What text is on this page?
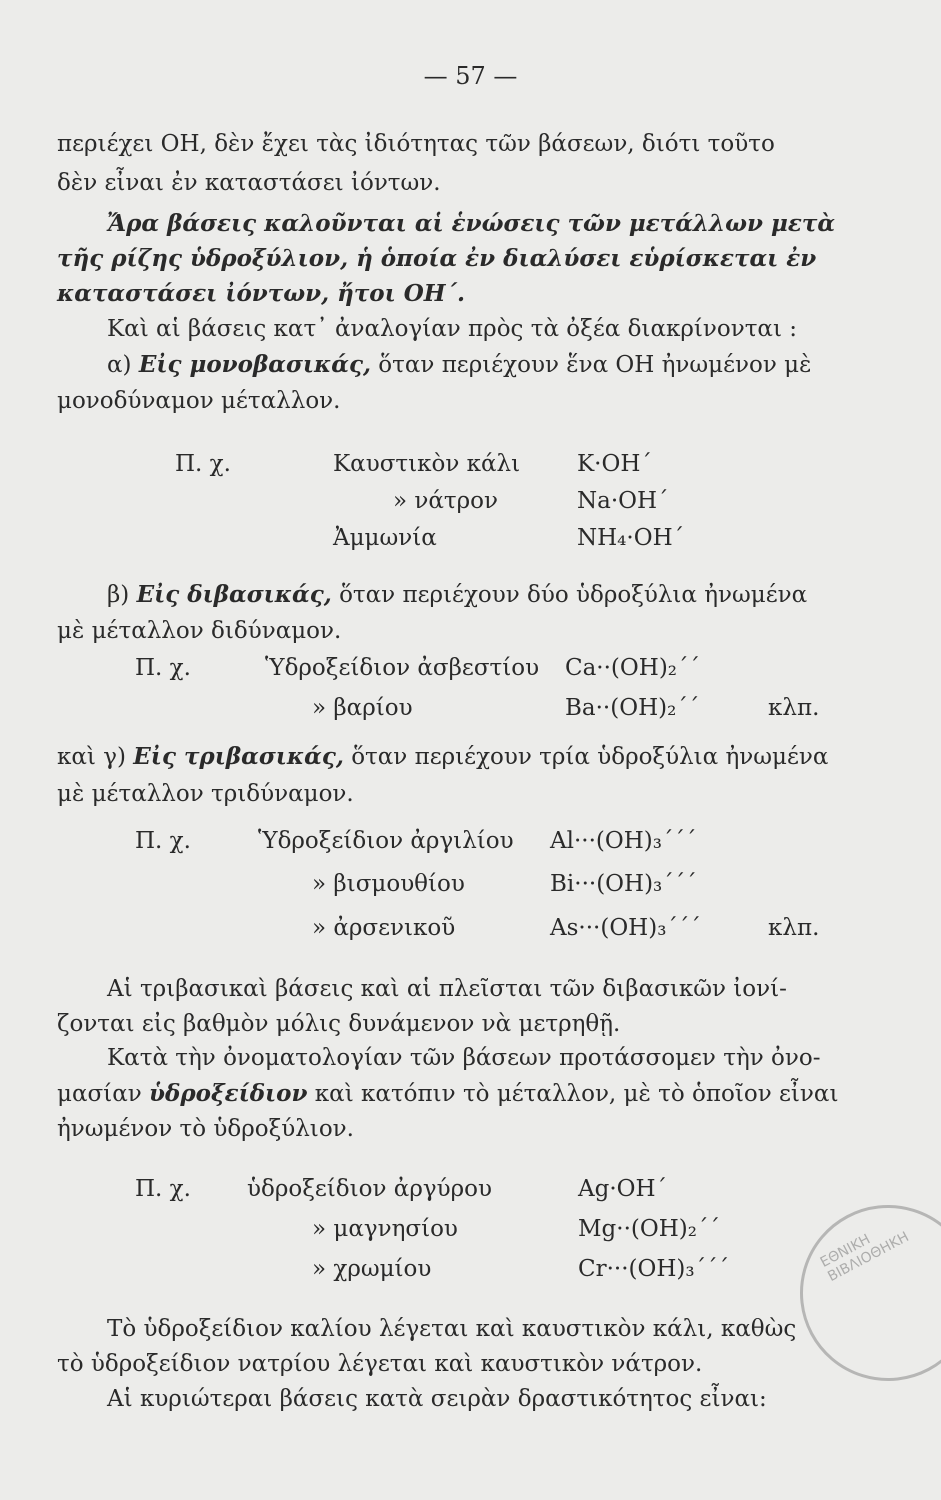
— 57 —
περιέχει OH, δὲν ἔχει τὰς ἰδιότητας τῶν βάσεων, διότι τοῦτο
δὲν εἶναι ἐν καταστάσει ἰόντων.
Ἄρα βάσεις καλοῦνται αἱ ἑνώσεις τῶν μετάλλων μετὰ
τῆς ρίζης ὑδροξύλιον, ἡ ὁποία ἐν διαλύσει εὑρίσκεται ἐν
καταστάσει ἰόντων, ἤτοι OH΄.
Καὶ αἱ βάσεις κατ᾽ ἀναλογίαν πρὸς τὰ ὀξέα διακρίνονται :
α) Εἰς μονοβασικάς, ὅταν περιέχουν ἕνα OH ἠνωμένον μὲ
μονοδύναμον μέταλλον.
Π. χ.	Καυστικὸν κάλι K·OH΄
» νάτρον	Na·OH΄
Ἀμμωνία	NH₄·OH΄
β) Εἰς διβασικάς, ὅταν περιέχουν δύο ὑδροξύλια ἠνωμένα
μὲ μέταλλον διδύναμον.
Π. χ.	Ὑδροξείδιον ἀσβεστίου Ca··(OH)₂΄΄
» βαρίου	Ba··(OH)₂΄΄	κλπ.
καὶ γ) Εἰς τριβασικάς, ὅταν περιέχουν τρία ὑδροξύλια ἠνωμένα
μὲ μέταλλον τριδύναμον.
Π. χ.	Ὑδροξείδιον ἀργιλίου Al···(OH)₃΄΄΄
» βισμουθίου	Bi···(OH)₃΄΄΄
» ἀρσενικοῦ	As···(OH)₃΄΄΄	κλπ.
Αἱ τριβασικαὶ βάσεις καὶ αἱ πλεῖσται τῶν διβασικῶν ἰονί-
ζονται εἰς βαθμὸν μόλις δυνάμενον νὰ μετρηθῇ.
Κατὰ τὴν ὀνοματολογίαν τῶν βάσεων προτάσσομεν τὴν ὀνο-
μασίαν ὑδροξείδιον καὶ κατόπιν τὸ μέταλλον, μὲ τὸ ὁποῖον εἶναι
ἠνωμένον τὸ ὑδροξύλιον.
Π. χ. ὑδροξείδιον ἀργύρου	Ag·OH΄
» μαγνησίου	Mg··(OH)₂΄΄
» χρωμίου	Cr···(OH)₃΄΄΄
Τὸ ὑδροξείδιον καλίου λέγεται καὶ καυστικὸν κάλι, καθὼς
τὸ ὑδροξείδιον νατρίου λέγεται καὶ καυστικὸν νάτρον.
Αἱ κυριώτεραι βάσεις κατὰ σειρὰν δραστικότητος εἶναι:
ΕΘΝΙΚΗ ΒΙΒΛΙΟΘΗΚΗ
